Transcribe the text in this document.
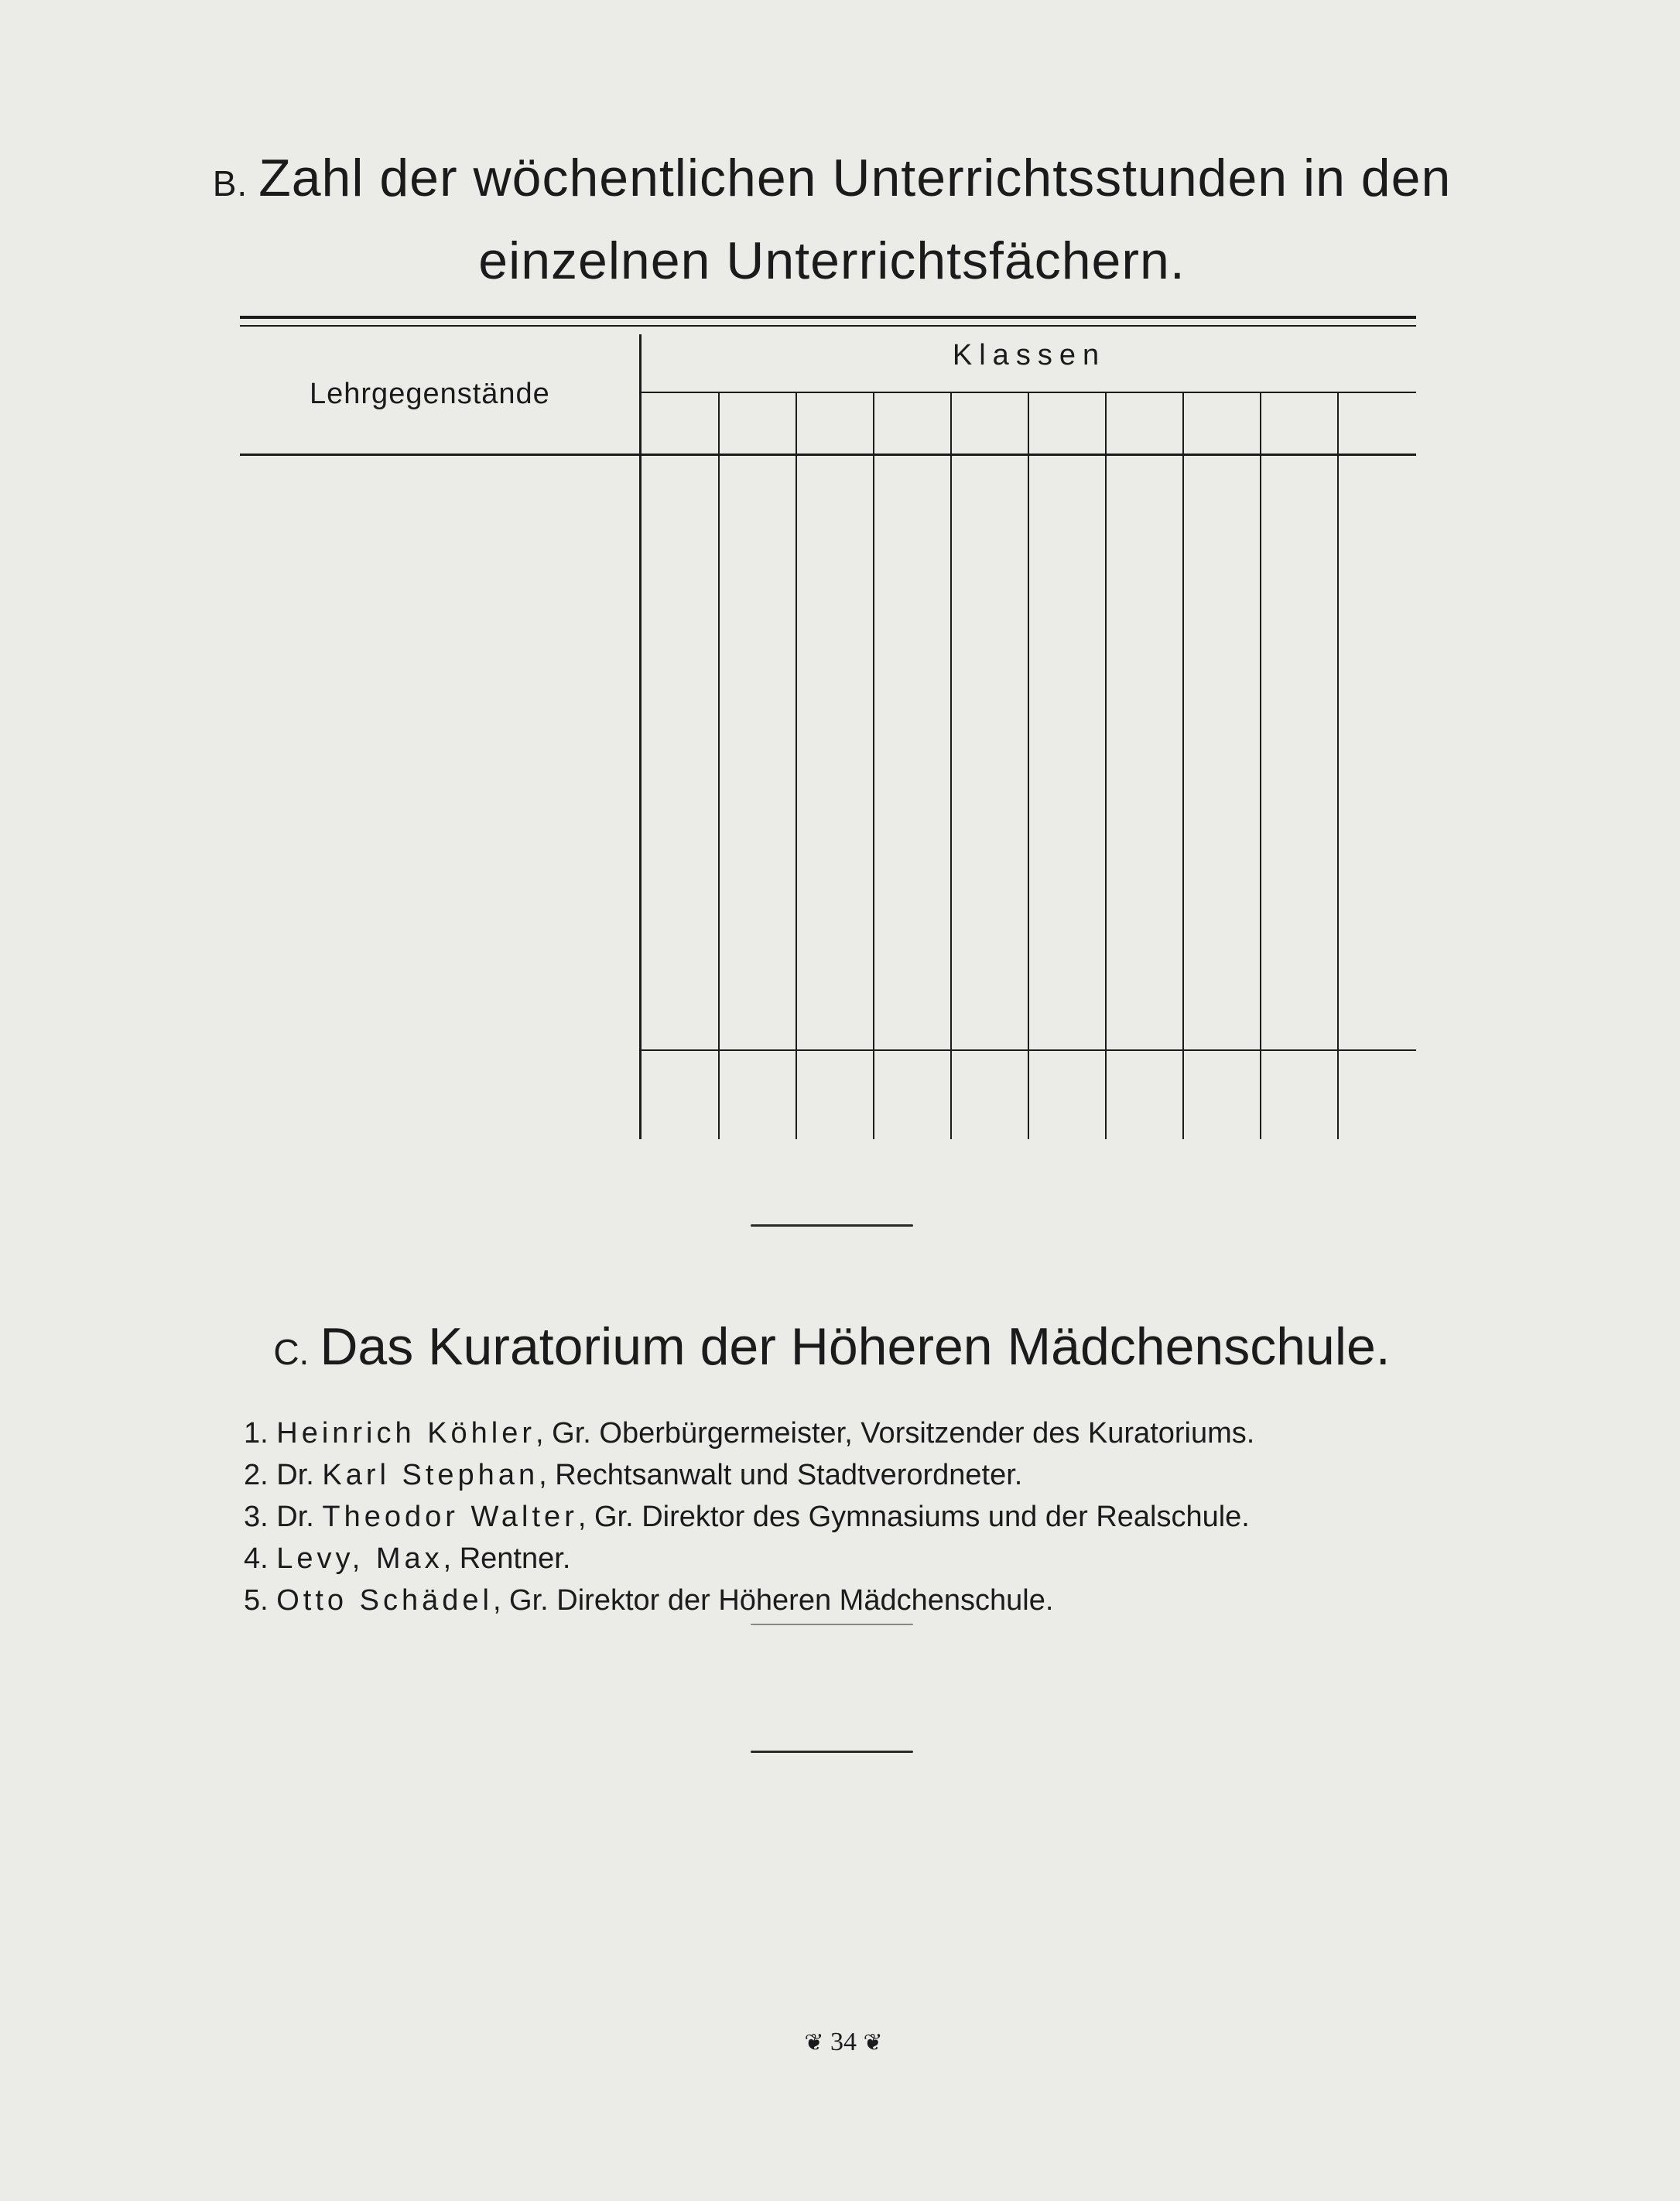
B. Zahl der wöchentlichen Unterrichtsstunden in den
einzelnen Unterrichtsfächern.
Lehrgegenstände
Klassen
C. Das Kuratorium der Höheren Mädchenschule.
1. Heinrich Köhler, Gr. Oberbürgermeister, Vorsitzender des Kuratoriums.
2. Dr. Karl Stephan, Rechtsanwalt und Stadtverordneter.
3. Dr. Theodor Walter, Gr. Direktor des Gymnasiums und der Realschule.
4. Levy, Max, Rentner.
5. Otto Schädel, Gr. Direktor der Höheren Mädchenschule.
❦ 34 ❦
